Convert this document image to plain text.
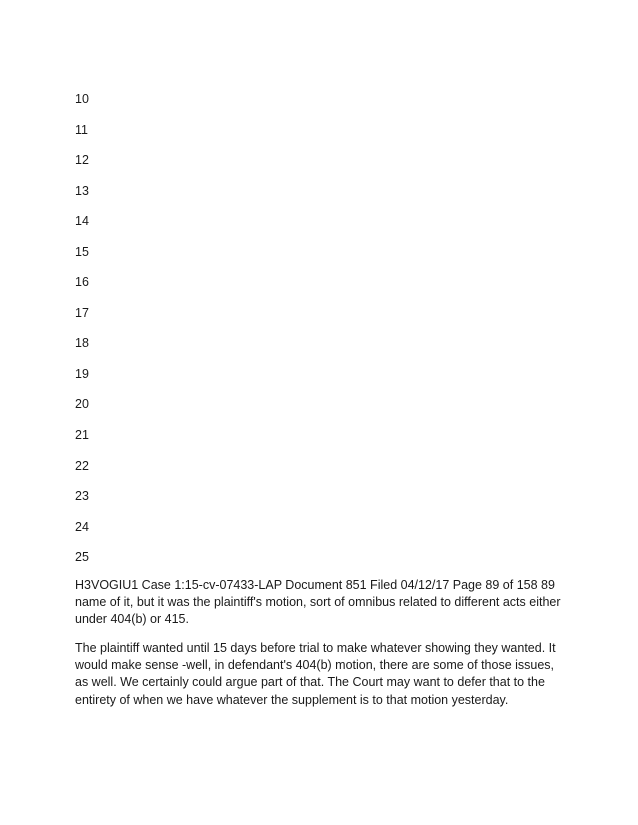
10
11
12
13
14
15
16
17
18
19
20
21
22
23
24
25

H3VOGIU1 Case 1:15-cv-07433-LAP Document 851 Filed 04/12/17 Page 89 of 158 89 name of it, but it was the plaintiff's motion, sort of omnibus related to different acts either under 404(b) or 415.

The plaintiff wanted until 15 days before trial to make whatever showing they wanted. It would make sense -well, in defendant's 404(b) motion, there are some of those issues, as well. We certainly could argue part of that. The Court may want to defer that to the entirety of when we have whatever the supplement is to that motion yesterday.
